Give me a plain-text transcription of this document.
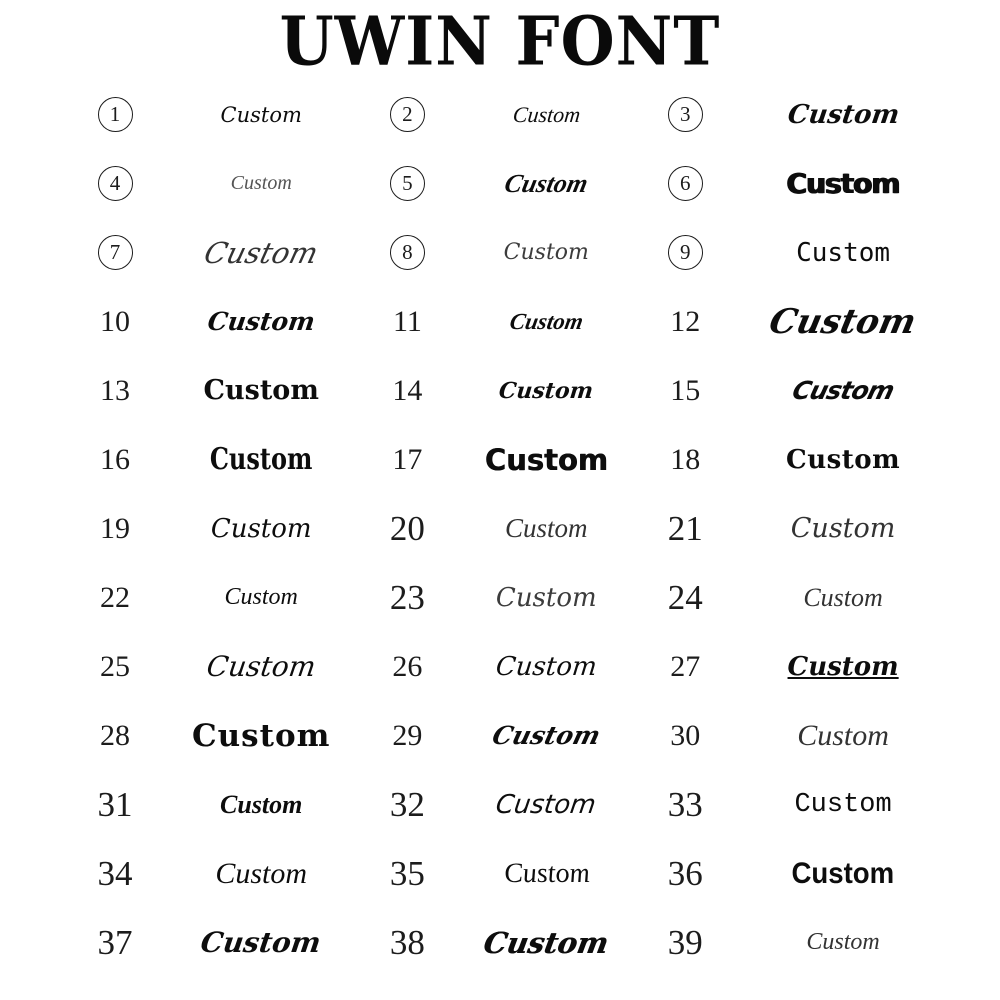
UWIN FONT
1	Custom	2	Custom	3	Custom
4	Custom	5	Custom	6	Custom
7	Custom	8	Custom	9	Custom
10	Custom	11	Custom	12 Custom
13	Custom 14	Custom	15	Custom
16	Custom	17 Custom 18	Custom
19	Custom 20	Custom 21	Custom
22	Custom	23	Custom 24	Custom
25	Custom 26	Custom 27	Custom
28 Custom 29	Custom 30	Custom
31	Custom	32	Custom 33	Custom
34	Custom 35	Custom 36	Custom
37 Custom 38 Custom 39	Custom
